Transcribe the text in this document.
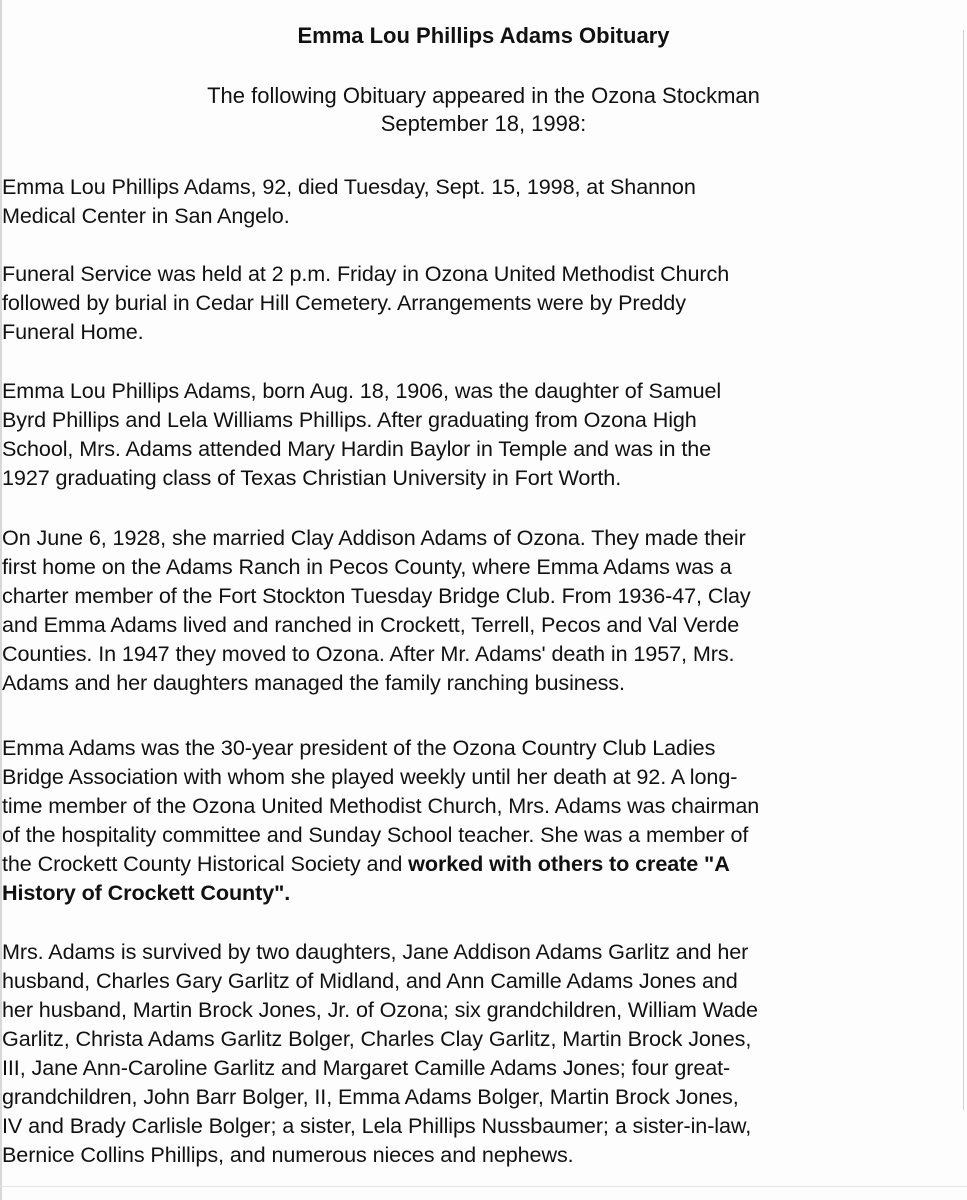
Emma Lou Phillips Adams Obituary
The following Obituary appeared in the Ozona Stockman
September 18, 1998:

Emma Lou Phillips Adams, 92, died Tuesday, Sept. 15, 1998, at Shannon
Medical Center in San Angelo.

Funeral Service was held at 2 p.m. Friday in Ozona United Methodist Church
followed by burial in Cedar Hill Cemetery. Arrangements were by Preddy
Funeral Home.

Emma Lou Phillips Adams, born Aug. 18, 1906, was the daughter of Samuel
Byrd Phillips and Lela Williams Phillips. After graduating from Ozona High
School, Mrs. Adams attended Mary Hardin Baylor in Temple and was in the
1927 graduating class of Texas Christian University in Fort Worth.

On June 6, 1928, she married Clay Addison Adams of Ozona. They made their
first home on the Adams Ranch in Pecos County, where Emma Adams was a
charter member of the Fort Stockton Tuesday Bridge Club. From 1936-47, Clay
and Emma Adams lived and ranched in Crockett, Terrell, Pecos and Val Verde
Counties. In 1947 they moved to Ozona. After Mr. Adams' death in 1957, Mrs.
Adams and her daughters managed the family ranching business.

Emma Adams was the 30-year president of the Ozona Country Club Ladies
Bridge Association with whom she played weekly until her death at 92. A long-
time member of the Ozona United Methodist Church, Mrs. Adams was chairman
of the hospitality committee and Sunday School teacher. She was a member of
the Crockett County Historical Society and worked with others to create "A
History of Crockett County".

Mrs. Adams is survived by two daughters, Jane Addison Adams Garlitz and her
husband, Charles Gary Garlitz of Midland, and Ann Camille Adams Jones and
her husband, Martin Brock Jones, Jr. of Ozona; six grandchildren, William Wade
Garlitz, Christa Adams Garlitz Bolger, Charles Clay Garlitz, Martin Brock Jones,
III, Jane Ann-Caroline Garlitz and Margaret Camille Adams Jones; four great-
grandchildren, John Barr Bolger, II, Emma Adams Bolger, Martin Brock Jones,
IV and Brady Carlisle Bolger; a sister, Lela Phillips Nussbaumer; a sister-in-law,
Bernice Collins Phillips, and numerous nieces and nephews.
